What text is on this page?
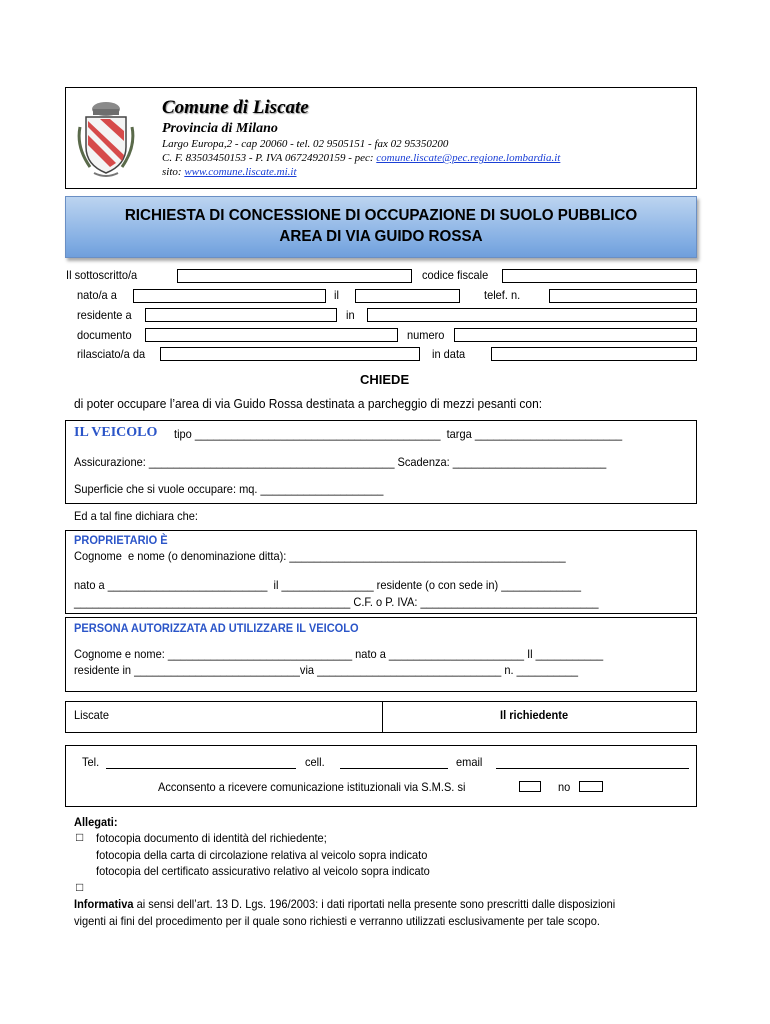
Comune di Liscate
Provincia di Milano
Largo Europa,2 - cap 20060 - tel. 02 9505151 - fax 02 95350200
C. F. 83503450153 - P. IVA 06724920159 - pec: comune.liscate@pec.regione.lombardia.it
sito: www.comune.liscate.mi.it
RICHIESTA DI CONCESSIONE DI OCCUPAZIONE DI SUOLO PUBBLICO
AREA DI VIA GUIDO ROSSA
Il sottoscritto/a	codice fiscale
nato/a a	il	telef. n.
residente a	in
documento	numero
rilasciato/a da	in data
CHIEDE
di poter occupare l’area di via Guido Rossa destinata a parcheggio di mezzi pesanti con:
IL VEICOLO tipo ________________________________________  targa ________________________
Assicurazione: ________________________________________ Scadenza: _________________________
Superficie che si vuole occupare: mq. ____________________
Ed a tal fine dichiara che:
PROPRIETARIO È
Cognome  e nome (o denominazione ditta): _____________________________________________
nato a __________________________  il _______________ residente (o con sede in) _____________
_____________________________________________ C.F. o P. IVA: _____________________________
PERSONA AUTORIZZATA AD UTILIZZARE IL VEICOLO
Cognome e nome: ______________________________ nato a ______________________ Il ___________
residente in ___________________________via ______________________________ n. __________
Liscate	Il richiedente
Tel.	cell.	email
Acconsento a ricevere comunicazione istituzionali via S.M.S. si	no
Allegati:
□ fotocopia documento di identità del richiedente;
fotocopia della carta di circolazione relativa al veicolo sopra indicato
fotocopia del certificato assicurativo relativo al veicolo sopra indicato
□
Informativa ai sensi dell’art. 13 D. Lgs. 196/2003: i dati riportati nella presente sono prescritti dalle disposizioni
vigenti ai fini del procedimento per il quale sono richiesti e verranno utilizzati esclusivamente per tale scopo.
